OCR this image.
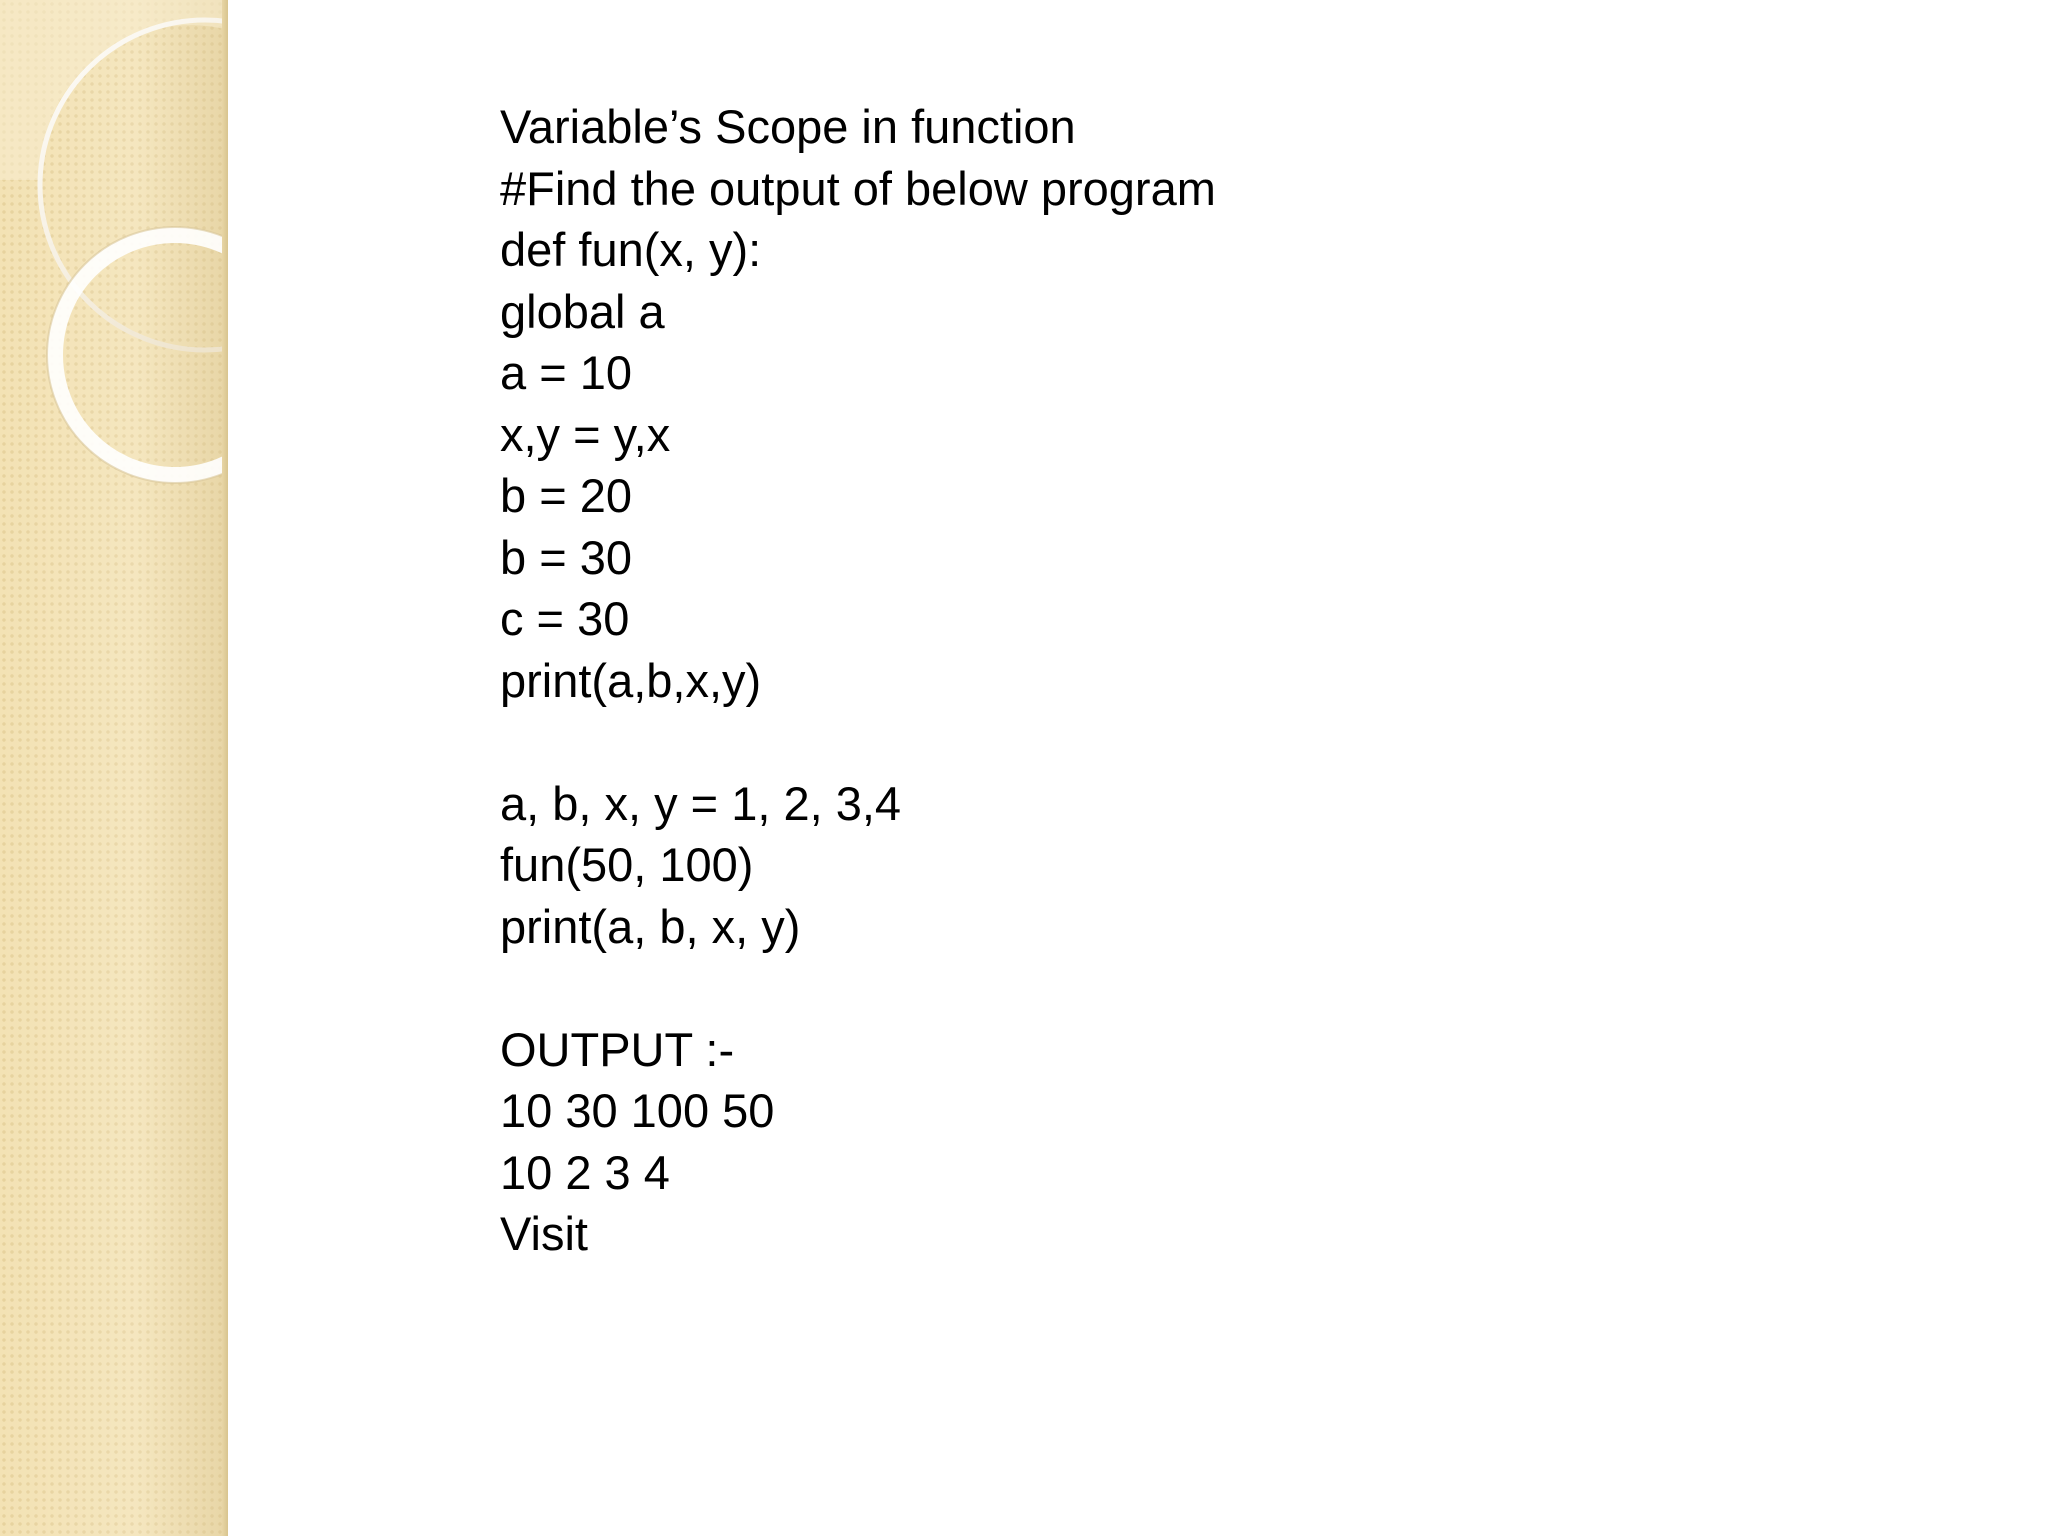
Variable’s Scope in function
#Find the output of below program
def fun(x, y):
global a
a = 10
x,y = y,x
b = 20
b = 30
c = 30
print(a,b,x,y)
a, b, x, y = 1, 2, 3,4
fun(50, 100)
print(a, b, x, y)
OUTPUT :-
10 30 100 50
10 2 3 4
Visit
